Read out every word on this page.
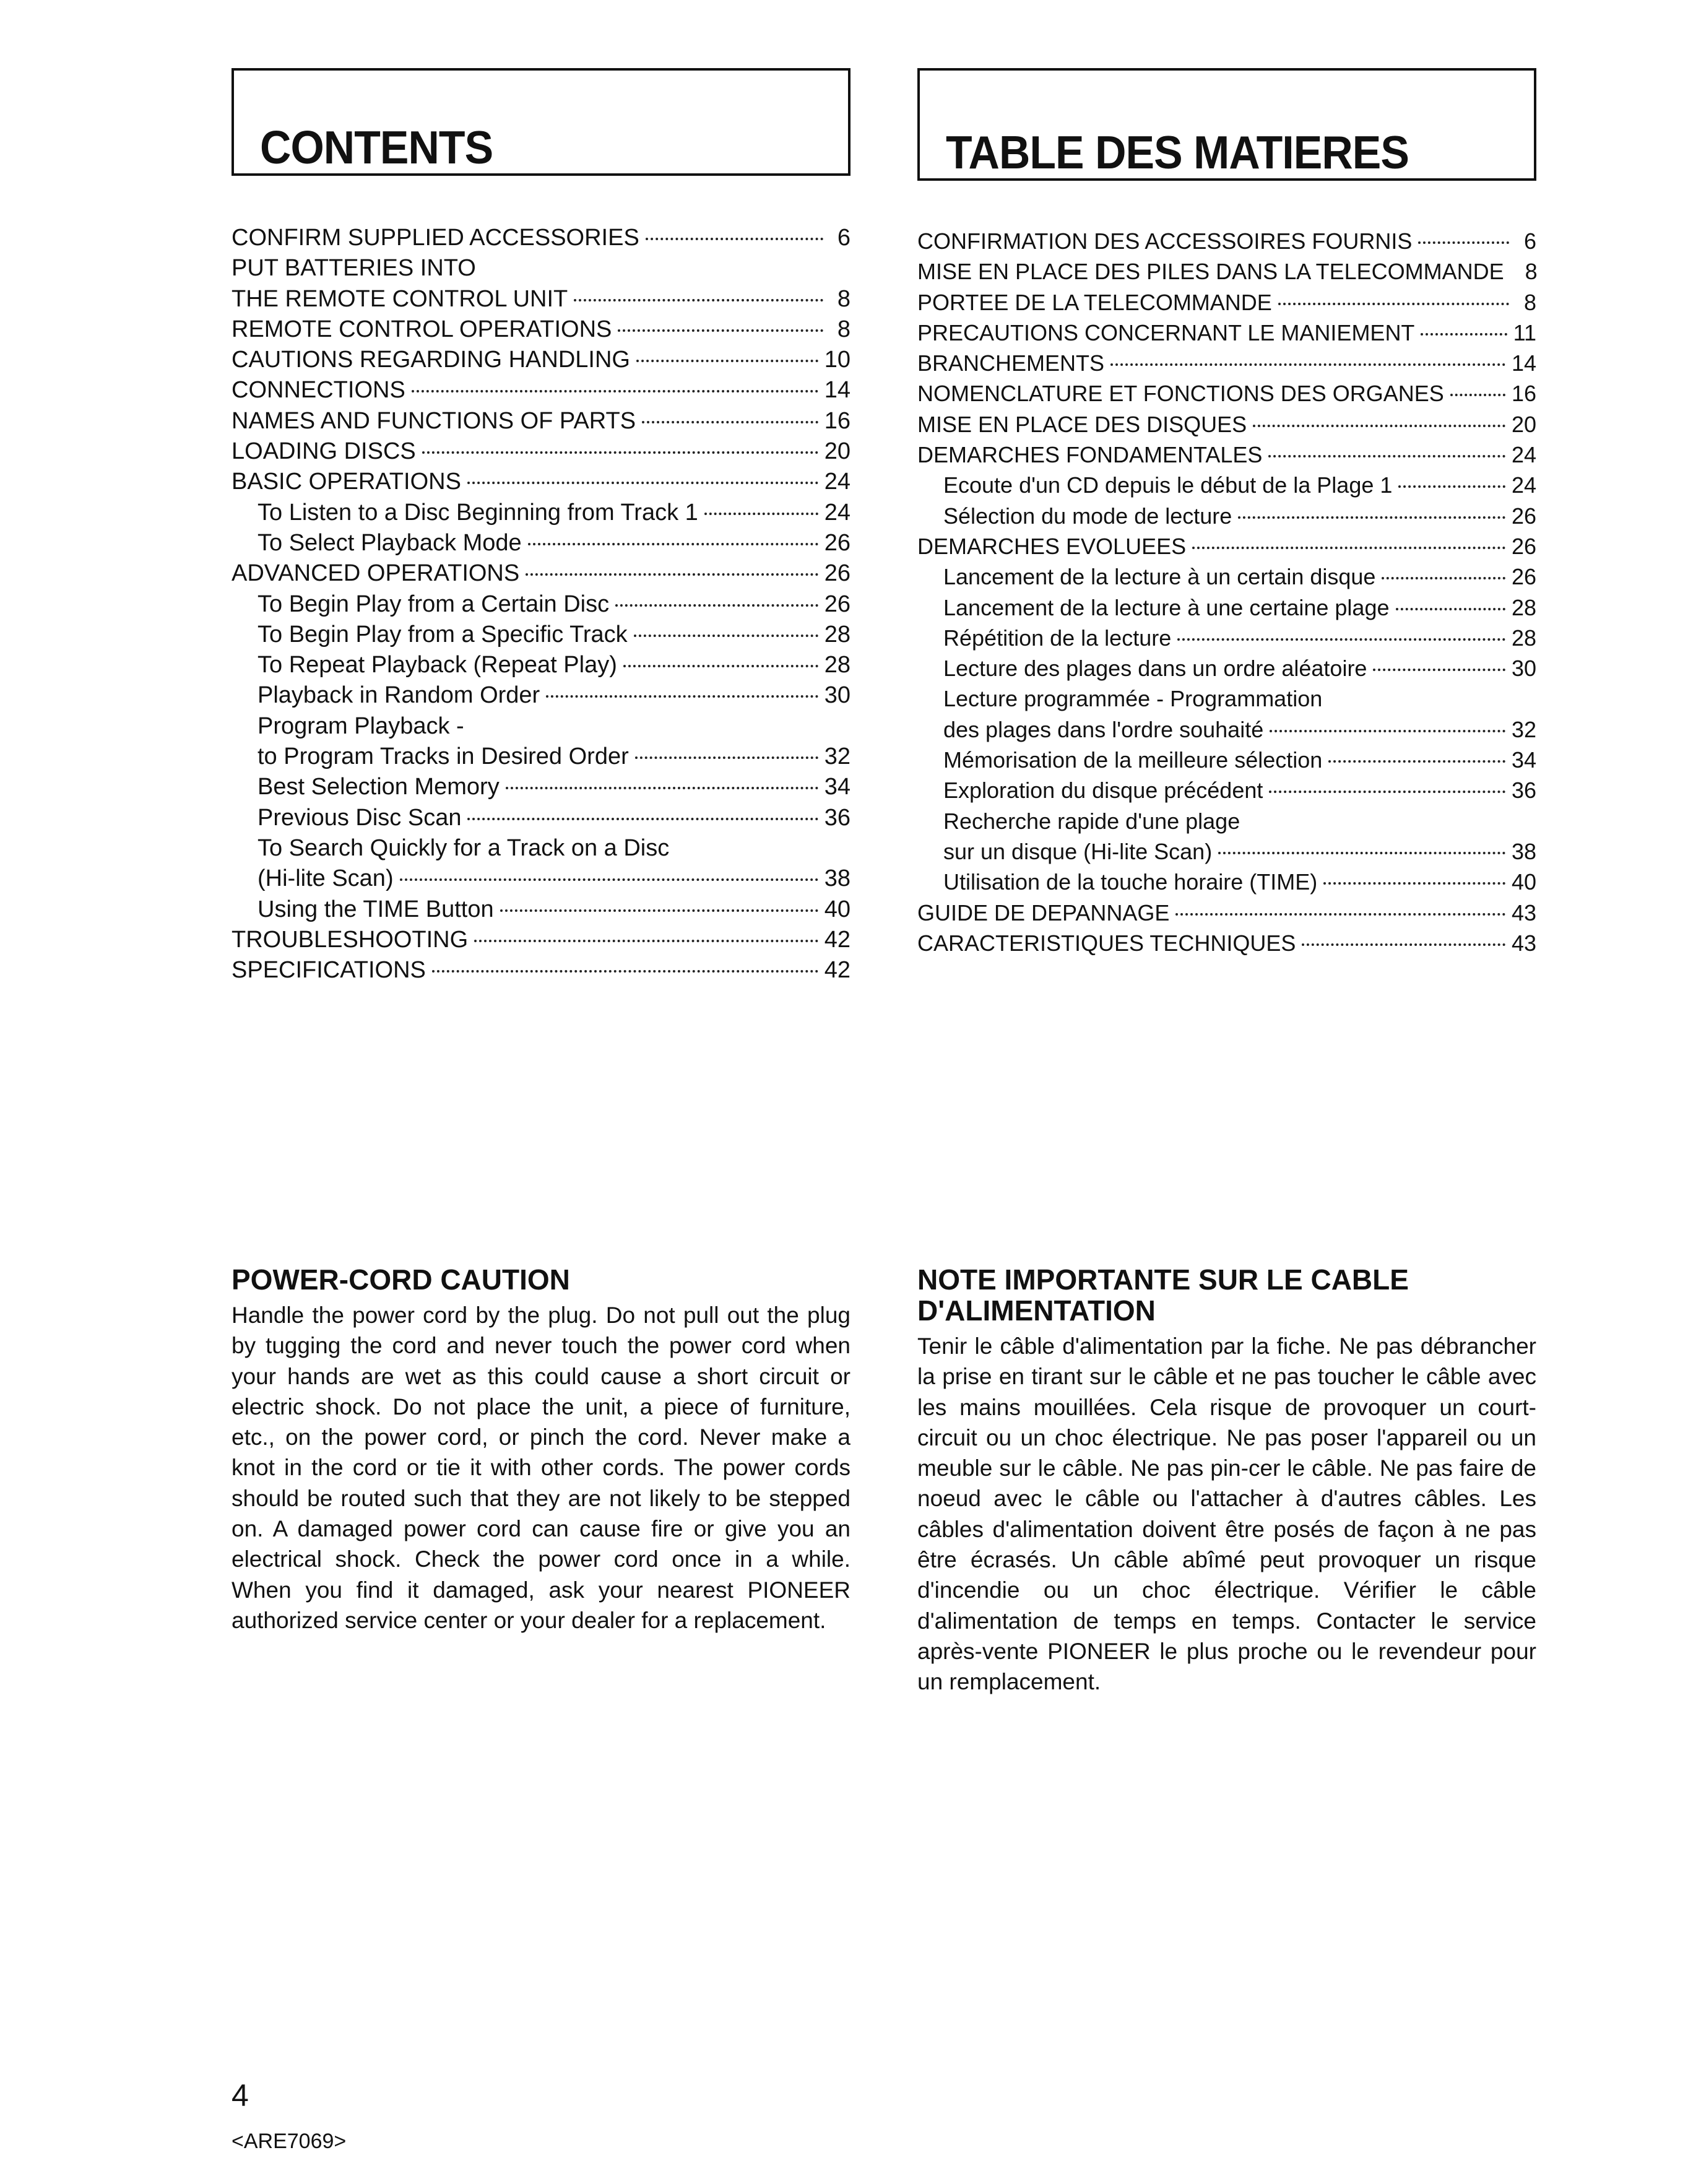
CONTENTS
CONFIRM SUPPLIED ACCESSORIES	6
PUT BATTERIES INTO
THE REMOTE CONTROL UNIT	8
REMOTE CONTROL OPERATIONS	8
CAUTIONS REGARDING HANDLING	10
CONNECTIONS	14
NAMES AND FUNCTIONS OF PARTS	16
LOADING DISCS	20
BASIC OPERATIONS	24
To Listen to a Disc Beginning from Track 1	24
To Select Playback Mode	26
ADVANCED OPERATIONS	26
To Begin Play from a Certain Disc	26
To Begin Play from a Specific Track	28
To Repeat Playback (Repeat Play)	28
Playback in Random Order	30
Program Playback -
to Program Tracks in Desired Order	32
Best Selection Memory	34
Previous Disc Scan	36
To Search Quickly for a Track on a Disc
(Hi-lite Scan)	38
Using the TIME Button	40
TROUBLESHOOTING	42
SPECIFICATIONS	42
TABLE DES MATIERES
CONFIRMATION DES ACCESSOIRES FOURNIS	6
MISE EN PLACE DES PILES DANS LA TELECOMMANDE 8
PORTEE DE LA TELECOMMANDE	8
PRECAUTIONS CONCERNANT LE MANIEMENT	11
BRANCHEMENTS	14
NOMENCLATURE ET FONCTIONS DES ORGANES	16
MISE EN PLACE DES DISQUES	20
DEMARCHES FONDAMENTALES	24
Ecoute d'un CD depuis le début de la Plage 1	24
Sélection du mode de lecture	26
DEMARCHES EVOLUEES	26
Lancement de la lecture à un certain disque	26
Lancement de la lecture à une certaine plage	28
Répétition de la lecture	28
Lecture des plages dans un ordre aléatoire	30
Lecture programmée - Programmation
des plages dans l'ordre souhaité	32
Mémorisation de la meilleure sélection	34
Exploration du disque précédent	36
Recherche rapide d'une plage
sur un disque (Hi-lite Scan)	38
Utilisation de la touche horaire (TIME)	40
GUIDE DE DEPANNAGE	43
CARACTERISTIQUES TECHNIQUES	43
POWER-CORD CAUTION

Handle the power cord by the plug. Do not pull out the plug by tugging the cord and never touch the power cord when your hands are wet as this could cause a short circuit or electric shock. Do not place the unit, a piece of furniture, etc., on the power cord, or pinch the cord. Never make a knot in the cord or tie it with other cords. The power cords should be routed such that they are not likely to be stepped on. A damaged power cord can cause fire or give you an electrical shock. Check the power cord once in a while. When you find it damaged, ask your nearest PIONEER authorized service center or your dealer for a replacement.

NOTE IMPORTANTE SUR LE CABLE
D'ALIMENTATION

Tenir le câble d'alimentation par la fiche. Ne pas débrancher la prise en tirant sur le câble et ne pas toucher le câble avec les mains mouillées. Cela risque de provoquer un court-circuit ou un choc électrique. Ne pas poser l'appareil ou un meuble sur le câble. Ne pas pin-cer le câble. Ne pas faire de noeud avec le câble ou l'attacher à d'autres câbles. Les câbles d'alimentation doivent être posés de façon à ne pas être écrasés. Un câble abîmé peut provoquer un risque d'incendie ou un choc électrique. Vérifier le câble d'alimentation de temps en temps. Contacter le service après-vente PIONEER le plus proche ou le revendeur pour un remplacement.

4
<ARE7069>
